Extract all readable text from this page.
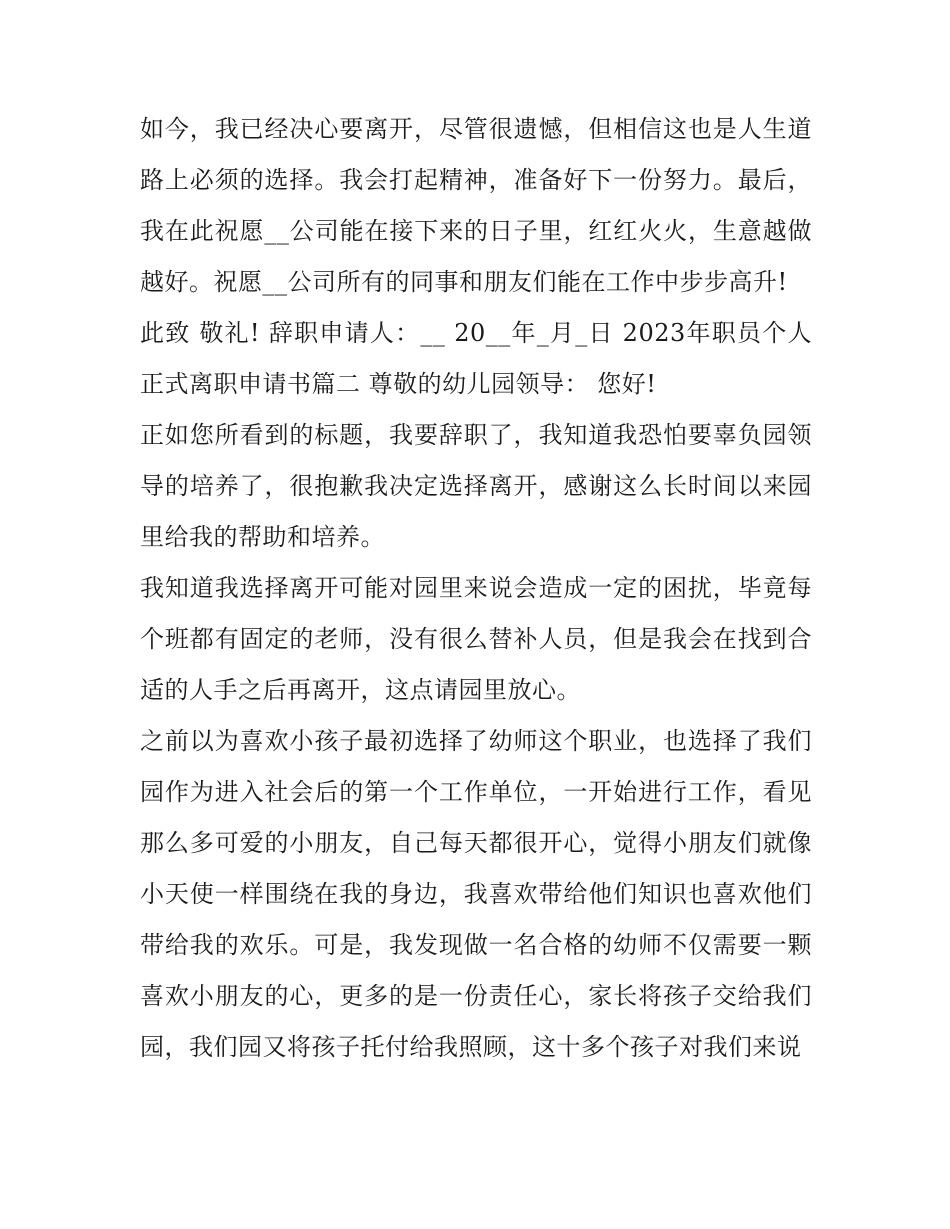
如今，我已经决心要离开，尽管很遗憾，但相信这也是人生道路上必须的选择。我会打起精神，准备好下一份努力。最后，我在此祝愿__公司能在接下来的日子里，红红火火，生意越做越好。祝愿__公司所有的同事和朋友们能在工作中步步高升!

此致 敬礼! 辞职申请人：__ 20__年_月_日 2023年职员个人正式离职申请书篇二 尊敬的幼儿园领导： 您好!

正如您所看到的标题，我要辞职了，我知道我恐怕要辜负园领导的培养了，很抱歉我决定选择离开，感谢这么长时间以来园里给我的帮助和培养。

我知道我选择离开可能对园里来说会造成一定的困扰，毕竟每个班都有固定的老师，没有很么替补人员，但是我会在找到合适的人手之后再离开，这点请园里放心。

之前以为喜欢小孩子最初选择了幼师这个职业，也选择了我们园作为进入社会后的第一个工作单位，一开始进行工作，看见那么多可爱的小朋友，自己每天都很开心，觉得小朋友们就像小天使一样围绕在我的身边，我喜欢带给他们知识也喜欢他们带给我的欢乐。可是，我发现做一名合格的幼师不仅需要一颗喜欢小朋友的心，更多的是一份责任心，家长将孩子交给我们园，我们园又将孩子托付给我照顾，这十多个孩子对我们来说
